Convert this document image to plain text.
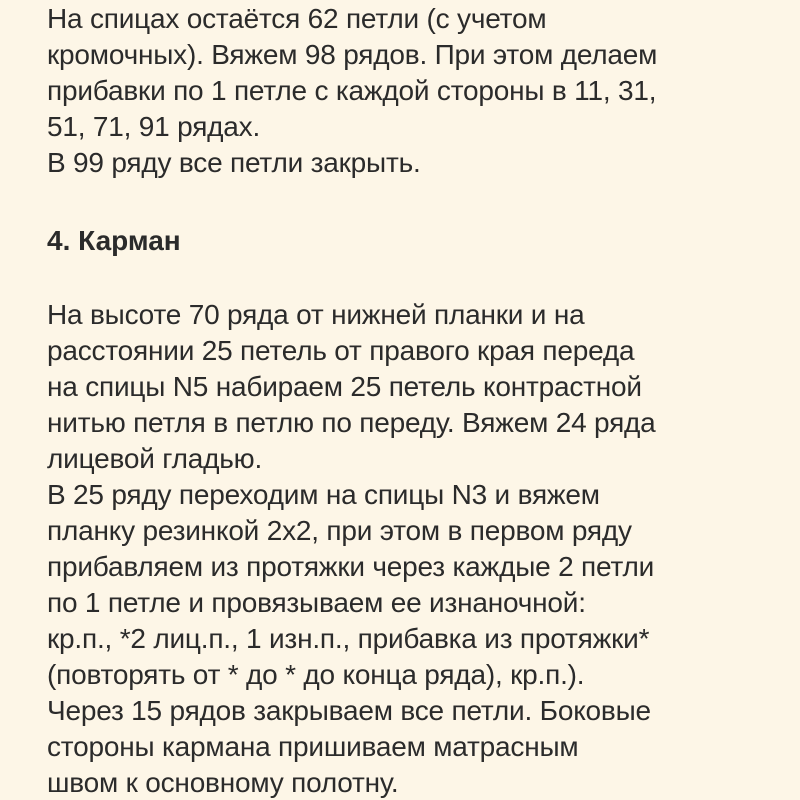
На спицах остаётся 62 петли (с учетом
кромочных). Вяжем 98 рядов. При этом делаем
прибавки по 1 петле с каждой стороны в 11, 31,
51, 71, 91 рядах.
В 99 ряду все петли закрыть.
4. Карман
На высоте 70 ряда от нижней планки и на
расстоянии 25 петель от правого края переда
на спицы N5 набираем 25 петель контрастной
нитью петля в петлю по переду. Вяжем 24 ряда
лицевой гладью.
В 25 ряду переходим на спицы N3 и вяжем
планку резинкой 2х2, при этом в первом ряду
прибавляем из протяжки через каждые 2 петли
по 1 петле и провязываем ее изнаночной:
кр.п., *2 лиц.п., 1 изн.п., прибавка из протяжки*
(повторять от * до * до конца ряда), кр.п.).
Через 15 рядов закрываем все петли. Боковые
стороны кармана пришиваем матрасным
швом к основному полотну.
